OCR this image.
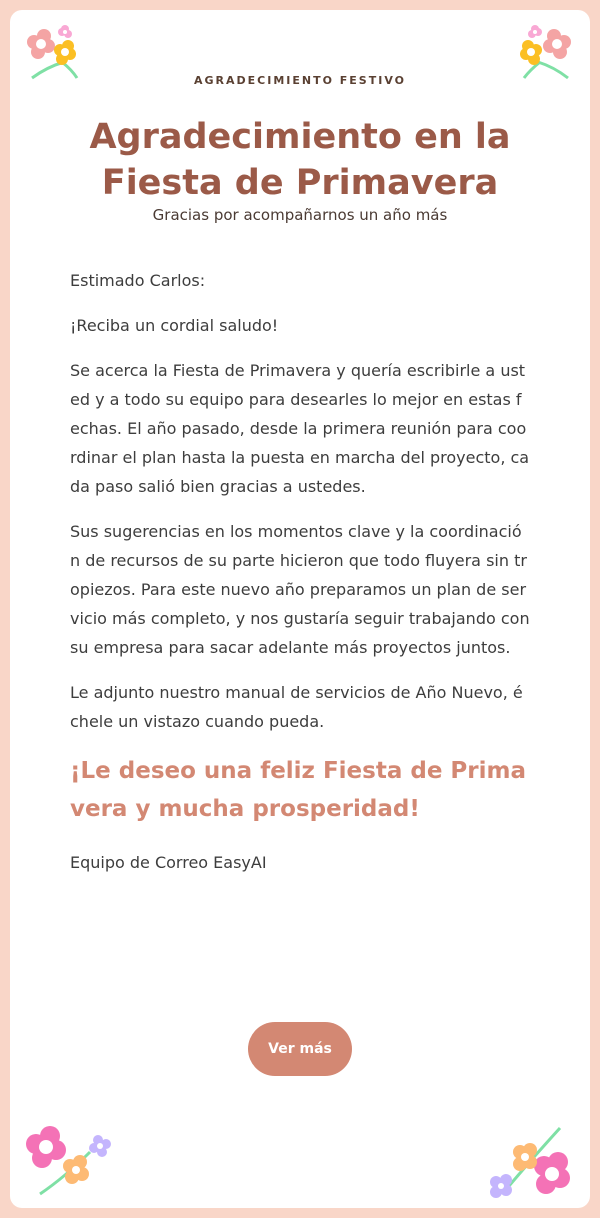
AGRADECIMIENTO FESTIVO
Agradecimiento en la Fiesta de Primavera
Gracias por acompañarnos un año más

Estimado Carlos:

¡Reciba un cordial saludo!

Se acerca la Fiesta de Primavera y quería escribirle a usted y a todo su equipo para desearles lo mejor en estas fechas. El año pasado, desde la primera reunión para coordinar el plan hasta la puesta en marcha del proyecto, cada paso salió bien gracias a ustedes.

Sus sugerencias en los momentos clave y la coordinación de recursos de su parte hicieron que todo fluyera sin tropiezos. Para este nuevo año preparamos un plan de servicio más completo, y nos gustaría seguir trabajando con su empresa para sacar adelante más proyectos juntos.

Le adjunto nuestro manual de servicios de Año Nuevo, échele un vistazo cuando pueda.

¡Le deseo una feliz Fiesta de Primavera y mucha prosperidad!

Equipo de Correo EasyAI

Ver más
